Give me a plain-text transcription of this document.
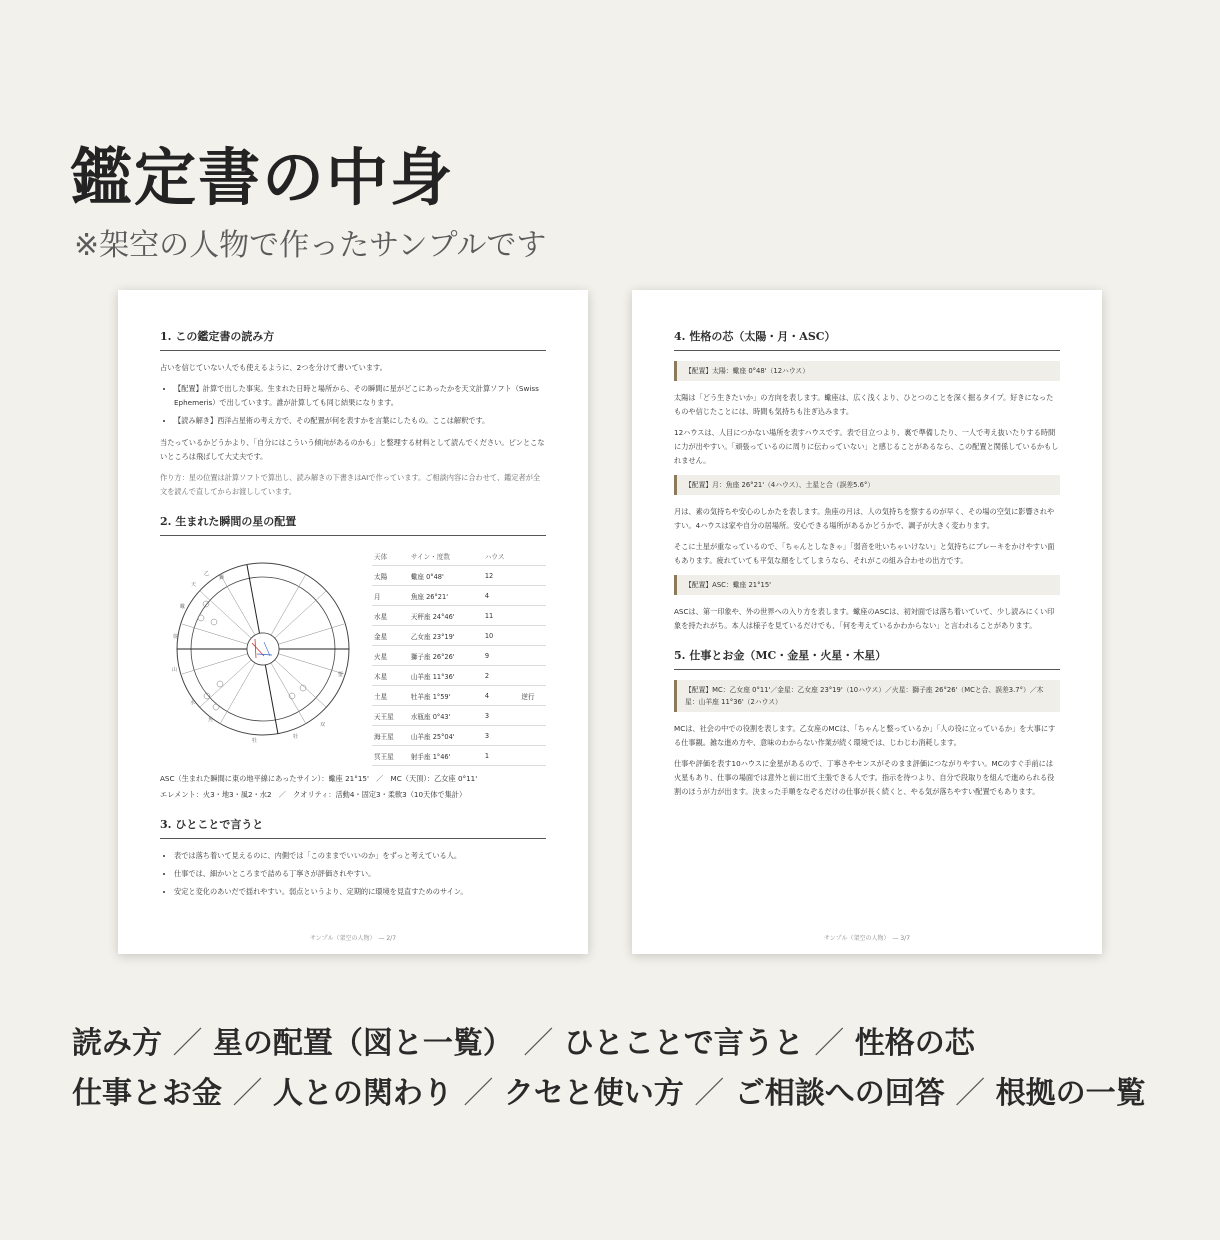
鑑定書の中身
※架空の人物で作ったサンプルです
1. この鑑定書の読み方

占いを信じていない人でも使えるように、2つを分けて書いています。

• 【配置】計算で出した事実。生まれた日時と場所から、その瞬間に星がどこにあったかを天文計算ソフト（Swiss Ephemeris）で出しています。誰が計算しても同じ結果になります。
• 【読み解き】西洋占星術の考え方で、その配置が何を表すかを言葉にしたもの。ここは解釈です。

当たっているかどうかより、「自分にはこういう傾向があるのかも」と整理する材料として読んでください。ピンとこないところは飛ばして大丈夫です。

作り方：星の位置は計算ソフトで算出し、読み解きの下書きはAIで作っています。ご相談内容に合わせて、鑑定者が全文を読んで直してからお渡ししています。

2. 生まれた瞬間の星の配置
乙
獅
天
蠍
射
山
水
魚
牡
牡
双
蟹
天体	サイン・度数	ハウス	
太陽	蠍座 0°48'	12	
月	魚座 26°21'	4	
水星	天秤座 24°46'	11	
金星	乙女座 23°19'	10	
火星	獅子座 26°26'	9	
木星	山羊座 11°36'	2	
土星	牡羊座 1°59'	4	逆行
天王星	水瓶座 0°43'	3	
海王星	山羊座 25°04'	3	
冥王星	射手座 1°46'	1	

ASC（生まれた瞬間に東の地平線にあったサイン）：蠍座 21°15'　／　MC（天頂）：乙女座 0°11'

エレメント：火3・地3・風2・水2　／　クオリティ：活動4・固定3・柔軟3（10天体で集計）

3. ひとことで言うと
• 表では落ち着いて見えるのに、内側では「このままでいいのか」をずっと考えている人。
• 仕事では、細かいところまで詰める丁寧さが評価されやすい。
• 安定と変化のあいだで揺れやすい。弱点というより、定期的に環境を見直すためのサイン。
サンプル（架空の人物）　— 2/7
4. 性格の芯（太陽・月・ASC）
【配置】太陽：蠍座 0°48'（12ハウス）

太陽は「どう生きたいか」の方向を表します。蠍座は、広く浅くより、ひとつのことを深く掘るタイプ。好きになったものや信じたことには、時間も気持ちも注ぎ込みます。

12ハウスは、人目につかない場所を表すハウスです。表で目立つより、裏で準備したり、一人で考え抜いたりする時間に力が出やすい。「頑張っているのに周りに伝わっていない」と感じることがあるなら、この配置と関係しているかもしれません。

【配置】月：魚座 26°21'（4ハウス）、土星と合（誤差5.6°）

月は、素の気持ちや安心のしかたを表します。魚座の月は、人の気持ちを察するのが早く、その場の空気に影響されやすい。4ハウスは家や自分の居場所。安心できる場所があるかどうかで、調子が大きく変わります。

そこに土星が重なっているので、「ちゃんとしなきゃ」「弱音を吐いちゃいけない」と気持ちにブレーキをかけやすい面もあります。疲れていても平気な顔をしてしまうなら、それがこの組み合わせの出方です。

【配置】ASC：蠍座 21°15'

ASCは、第一印象や、外の世界への入り方を表します。蠍座のASCは、初対面では落ち着いていて、少し読みにくい印象を持たれがち。本人は様子を見ているだけでも、「何を考えているかわからない」と言われることがあります。

5. 仕事とお金（MC・金星・火星・木星）
【配置】MC：乙女座 0°11'／金星：乙女座 23°19'（10ハウス）／火星：獅子座 26°26'（MCと合、誤差3.7°）／木星：山羊座 11°36'（2ハウス）

MCは、社会の中での役割を表します。乙女座のMCは、「ちゃんと整っているか」「人の役に立っているか」を大事にする仕事観。雑な進め方や、意味のわからない作業が続く環境では、じわじわ消耗します。

仕事や評価を表す10ハウスに金星があるので、丁寧さやセンスがそのまま評価につながりやすい。MCのすぐ手前には火星もあり、仕事の場面では意外と前に出て主張できる人です。指示を待つより、自分で段取りを組んで進められる役割のほうが力が出ます。決まった手順をなぞるだけの仕事が長く続くと、やる気が落ちやすい配置でもあります。

サンプル（架空の人物）　— 3/7
読み方 ／ 星の配置（図と一覧） ／ ひとことで言うと ／ 性格の芯
仕事とお金 ／ 人との関わり ／ クセと使い方 ／ ご相談への回答 ／ 根拠の一覧
